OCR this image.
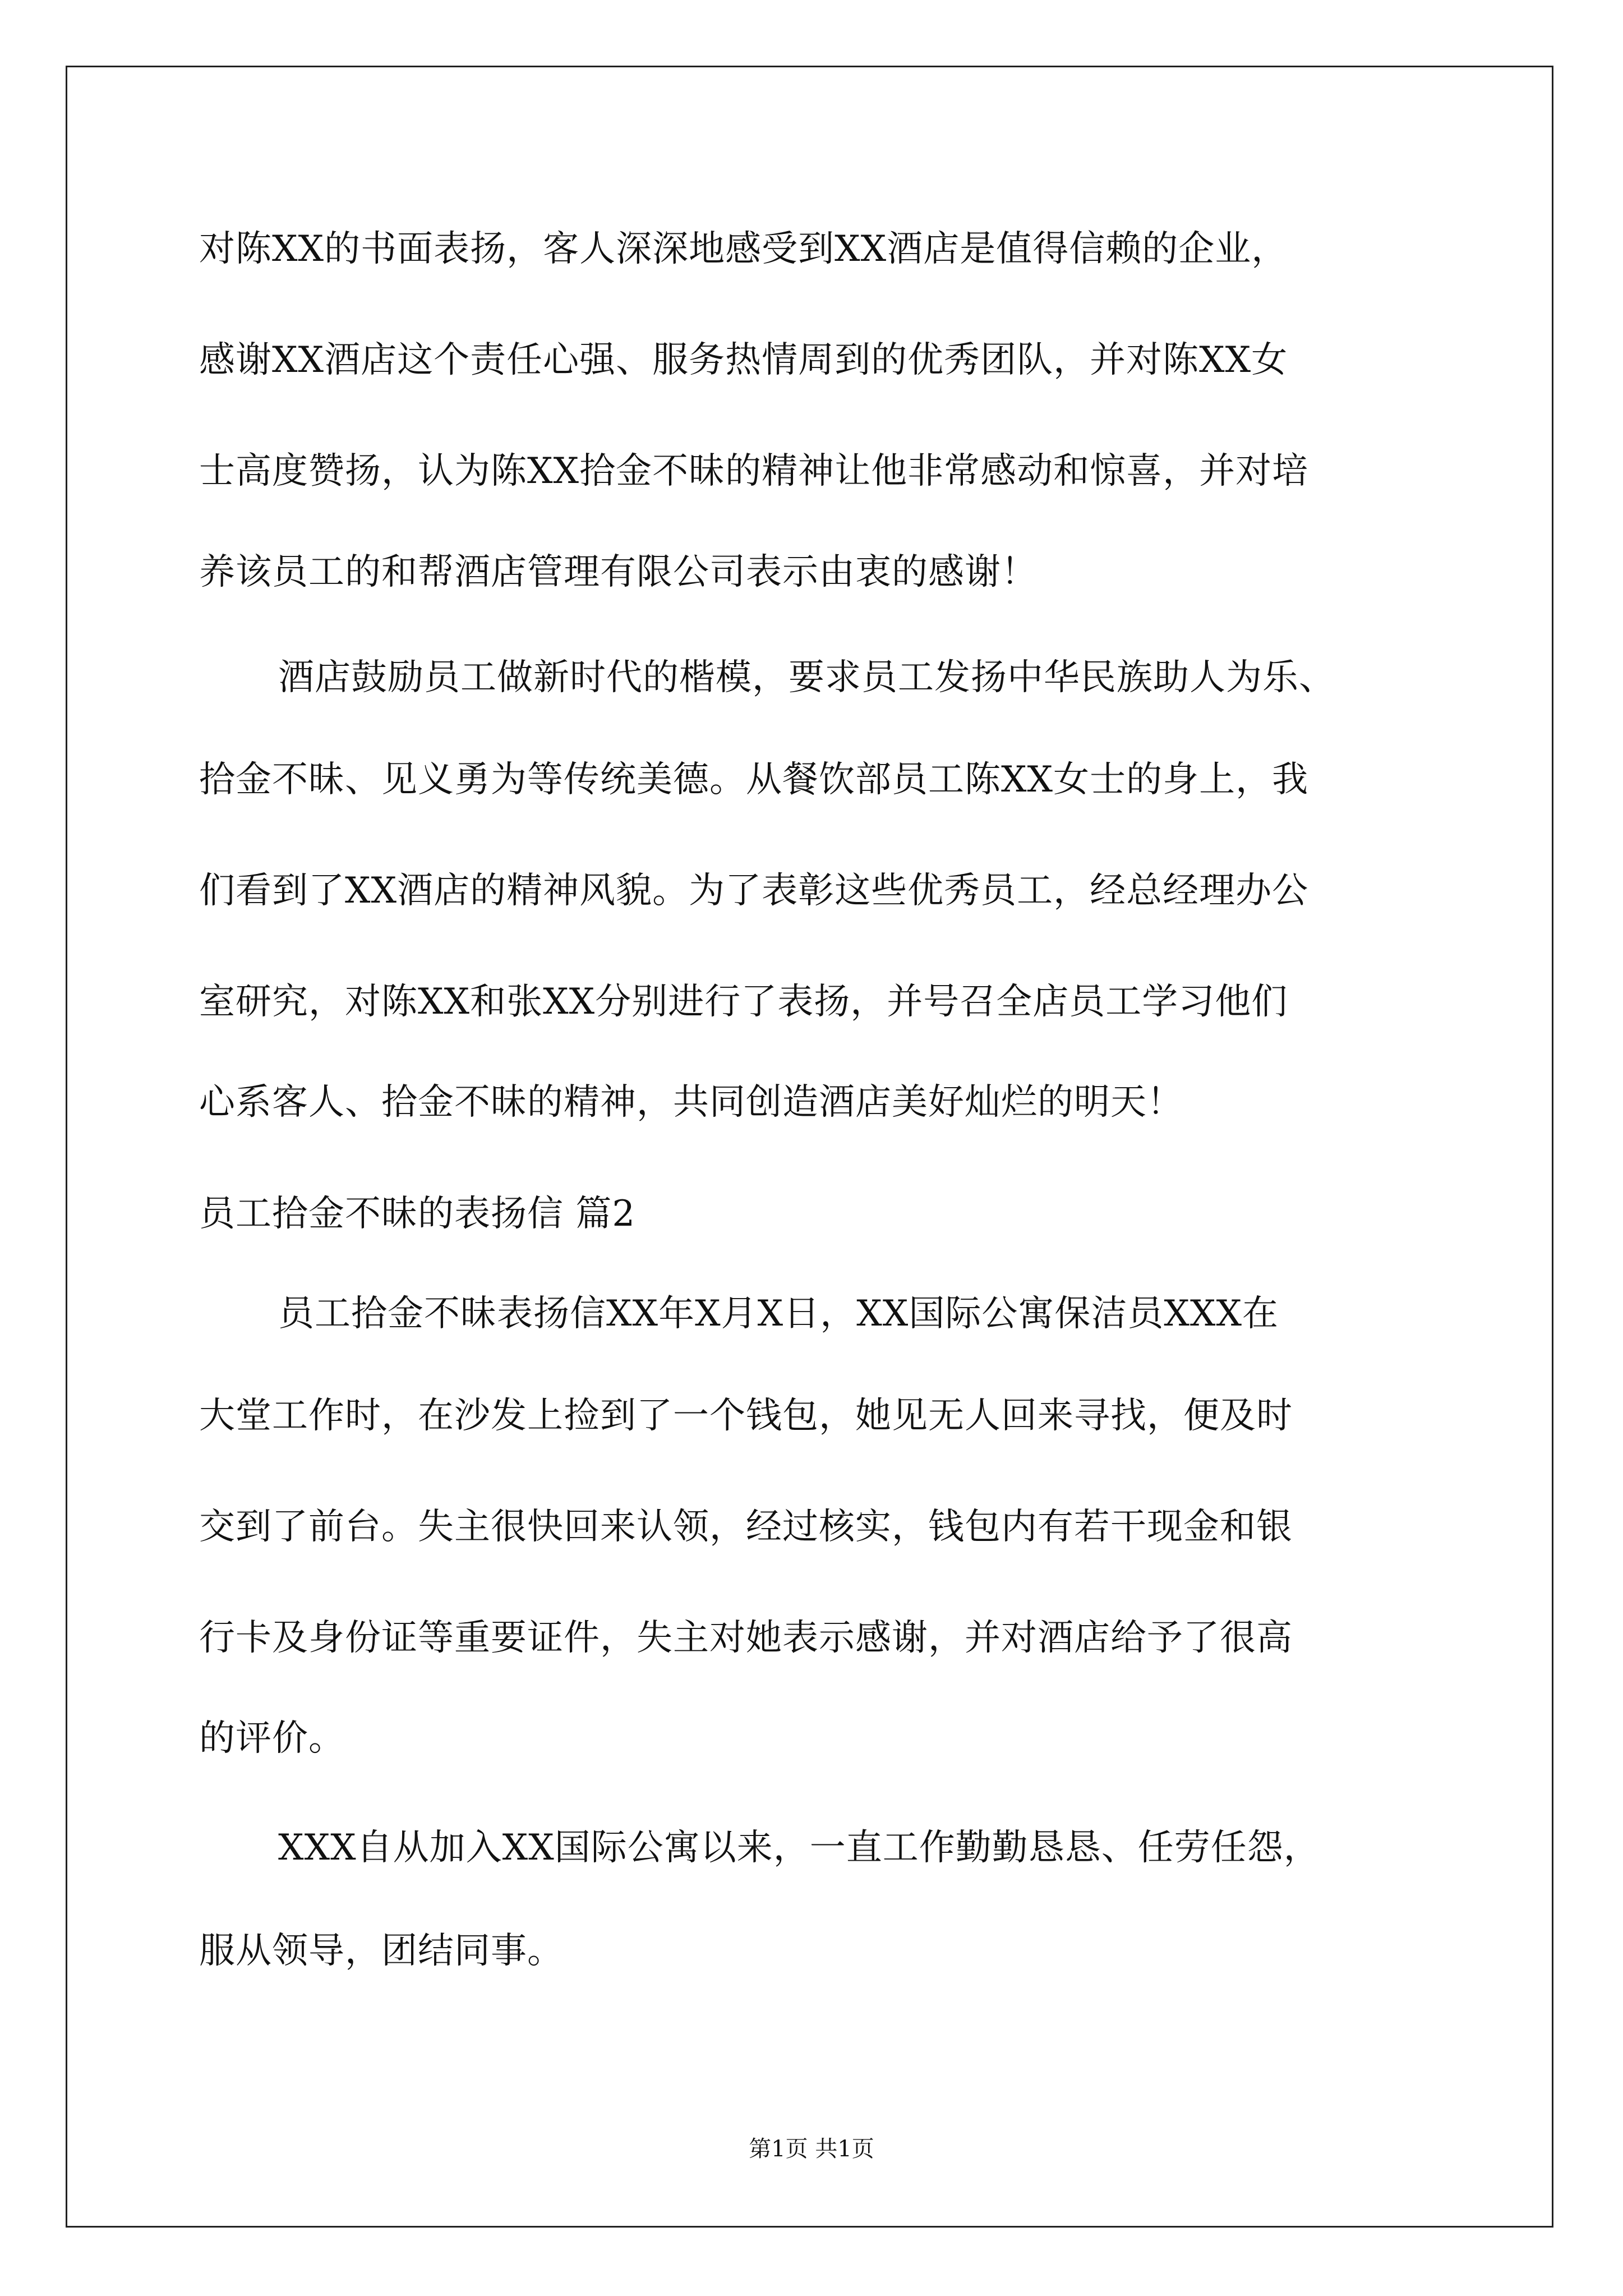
对陈XX的书面表扬，客人深深地感受到XX酒店是值得信赖的企业，
感谢XX酒店这个责任心强、服务热情周到的优秀团队，并对陈XX女
士高度赞扬，认为陈XX拾金不昧的精神让他非常感动和惊喜，并对培
养该员工的和帮酒店管理有限公司表示由衷的感谢！
酒店鼓励员工做新时代的楷模，要求员工发扬中华民族助人为乐、
拾金不昧、见义勇为等传统美德。从餐饮部员工陈XX女士的身上，我
们看到了XX酒店的精神风貌。为了表彰这些优秀员工，经总经理办公
室研究，对陈XX和张XX分别进行了表扬，并号召全店员工学习他们
心系客人、拾金不昧的精神，共同创造酒店美好灿烂的明天！
员工拾金不昧的表扬信 篇2
员工拾金不昧表扬信XX年X月X日，XX国际公寓保洁员XXX在
大堂工作时，在沙发上捡到了一个钱包，她见无人回来寻找，便及时
交到了前台。失主很快回来认领，经过核实，钱包内有若干现金和银
行卡及身份证等重要证件，失主对她表示感谢，并对酒店给予了很高
的评价。
XXX自从加入XX国际公寓以来，一直工作勤勤恳恳、任劳任怨，
服从领导，团结同事。
第1页 共1页
